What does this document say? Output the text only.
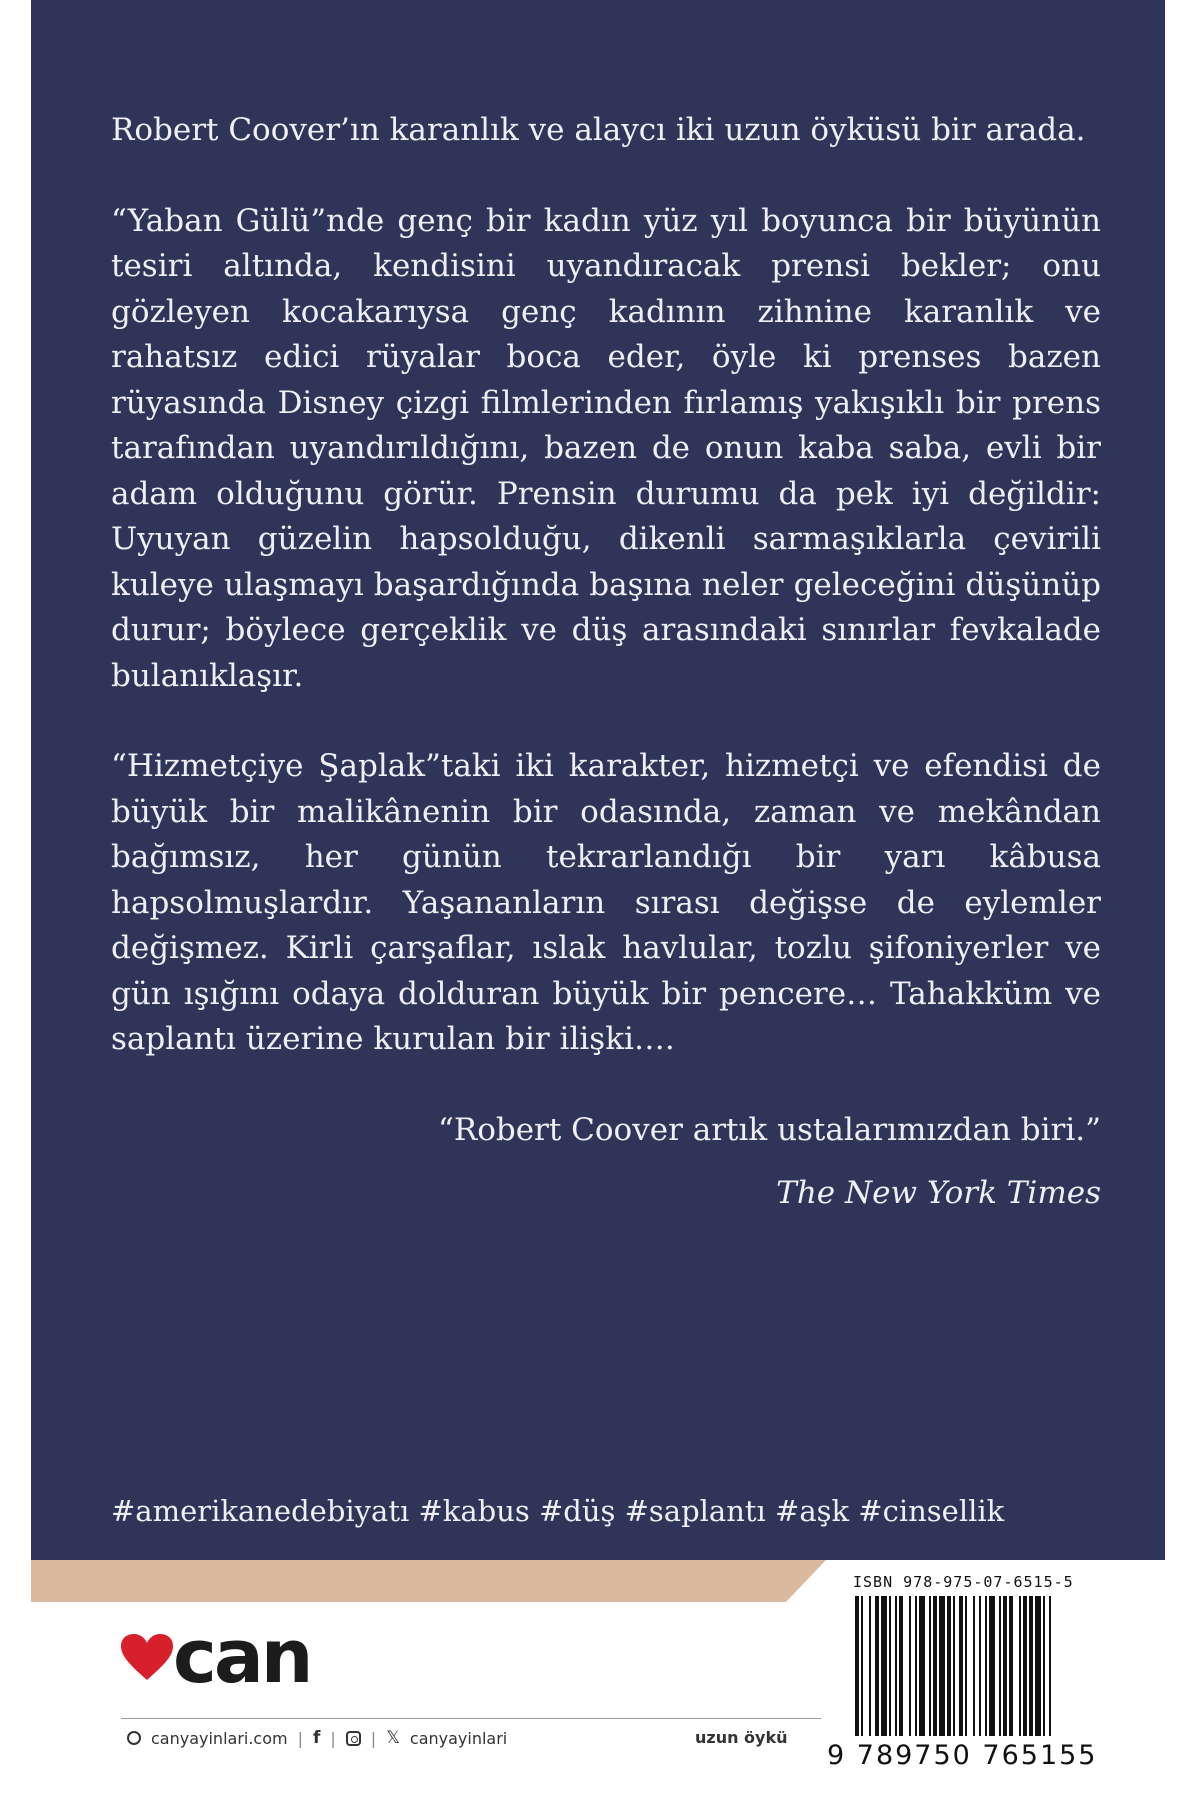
Robert Coover’ın karanlık ve alaycı iki uzun öyküsü bir arada.

“Yaban Gülü”nde genç bir kadın yüz yıl boyunca bir büyünün tesiri altında, kendisini uyandıracak prensi bekler; onu gözleyen kocakarıysa genç kadının zihnine karanlık ve rahatsız edici rüyalar boca eder, öyle ki prenses bazen rüyasında Disney çizgi filmlerinden fırlamış yakışıklı bir prens tarafından uyandırıldığını, bazen de onun kaba saba, evli bir adam olduğunu görür. Prensin durumu da pek iyi değildir: Uyuyan güzelin hapsolduğu, dikenli sarmaşıklarla çevirili kuleye ulaşmayı başardığında başına neler geleceğini düşünüp durur; böylece gerçeklik ve düş arasındaki sınırlar fevkalade bulanıklaşır.

“Hizmetçiye Şaplak”taki iki karakter, hizmetçi ve efendisi de büyük bir malikânenin bir odasında, zaman ve mekândan bağımsız, her günün tekrarlandığı bir yarı kâbusa hapsolmuşlardır. Yaşananların sırası değişse de eylemler değişmez. Kirli çarşaflar, ıslak havlular, tozlu şifoniyerler ve gün ışığını odaya dolduran büyük bir pencere… Tahakküm ve saplantı üzerine kurulan bir ilişki….

“Robert Coover artık ustalarımızdan biri.”

The New York Times

#amerikanedebiyatı #kabus #düş #saplantı #aşk #cinsellik
can
canyayinlari.com | f | | 𝕏 canyayinlari	uzun öykü
ISBN 978-975-07-6515-5
9 789750 765155
